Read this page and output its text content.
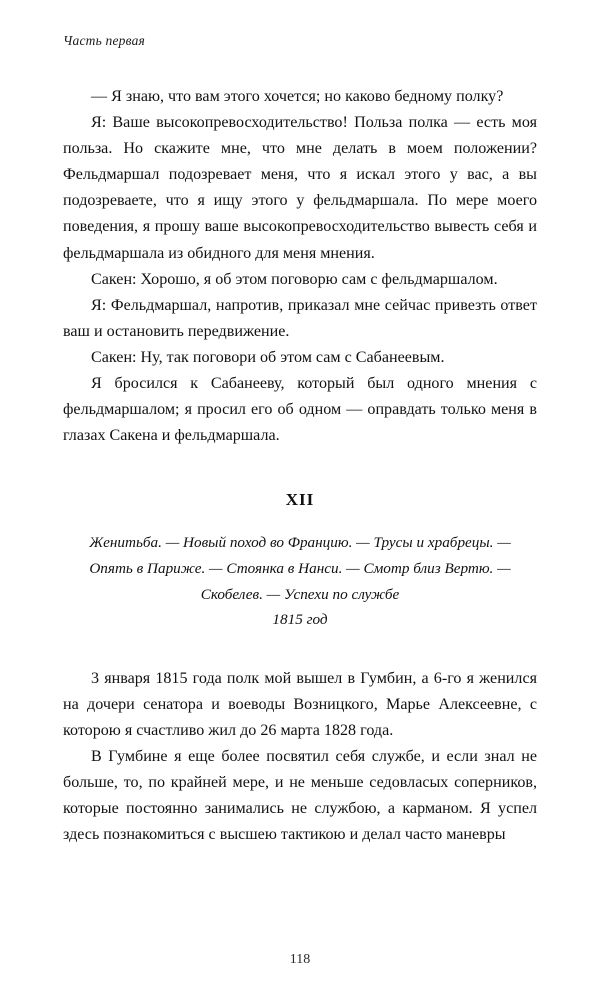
Часть первая

— Я знаю, что вам этого хочется; но каково бедному полку?

Я: Ваше высокопревосходительство! Польза полка — есть моя польза. Но скажите мне, что мне делать в моем положении? Фельдмаршал подозревает меня, что я искал этого у вас, а вы подозреваете, что я ищу этого у фельдмаршала. По мере моего поведения, я прошу ваше высокопревосходительство вывесть себя и фельдмаршала из обидного для меня мнения.

Сакен: Хорошо, я об этом поговорю сам с фельдмаршалом.

Я: Фельдмаршал, напротив, приказал мне сейчас привезть ответ ваш и остановить передвижение.

Сакен: Ну, так поговори об этом сам с Сабанеевым.

Я бросился к Сабанееву, который был одного мнения с фельдмаршалом; я просил его об одном — оправдать только меня в глазах Сакена и фельдмаршала.

XII

Женитьба. — Новый поход во Францию. — Трусы и храбрецы. — Опять в Париже. — Стоянка в Нанси. — Смотр близ Вертю. — Скобелев. — Успехи по службе

1815 год

3 января 1815 года полк мой вышел в Гумбин, а 6-го я женился на дочери сенатора и воеводы Возницкого, Марье Алексеевне, с которою я счастливо жил до 26 марта 1828 года.

В Гумбине я еще более посвятил себя службе, и если знал не больше, то, по крайней мере, и не меньше седовласых соперников, которые постоянно занимались не службою, а карманом. Я успел здесь познакомиться с высшею тактикою и делал часто маневры

118
